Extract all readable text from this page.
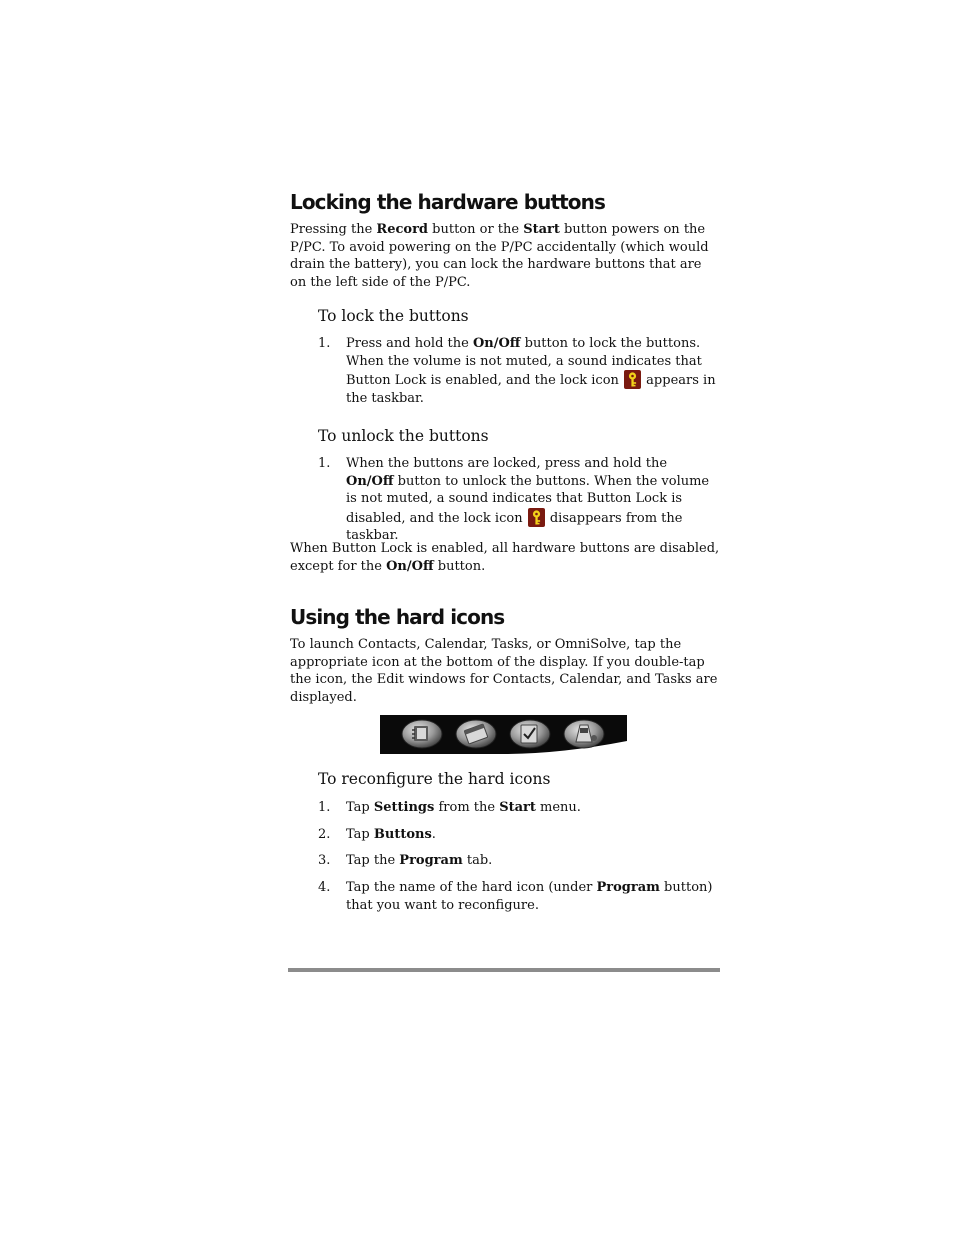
Locking the hardware buttons

Pressing the Record button or the Start button powers on the P/PC. To avoid powering on the P/PC accidentally (which would drain the battery), you can lock the hardware buttons that are on the left side of the P/PC.

To lock the buttons

1. Press and hold the On/Off button to lock the buttons. When the volume is not muted, a sound indicates that Button Lock is enabled, and the lock icon  appears in the taskbar.

To unlock the buttons

1. When the buttons are locked, press and hold the On/Off button to unlock the buttons. When the volume is not muted, a sound indicates that Button Lock is disabled, and the lock icon  disappears from the taskbar.

When Button Lock is enabled, all hardware buttons are disabled, except for the On/Off button.

Using the hard icons

To launch Contacts, Calendar, Tasks, or OmniSolve, tap the appropriate icon at the bottom of the display. If you double-tap the icon, the Edit windows for Contacts, Calendar, and Tasks are displayed.

To reconfigure the hard icons

1. Tap Settings from the Start menu.
2. Tap Buttons.
3. Tap the Program tab.
4. Tap the name of the hard icon (under Program button) that you want to reconfigure.
